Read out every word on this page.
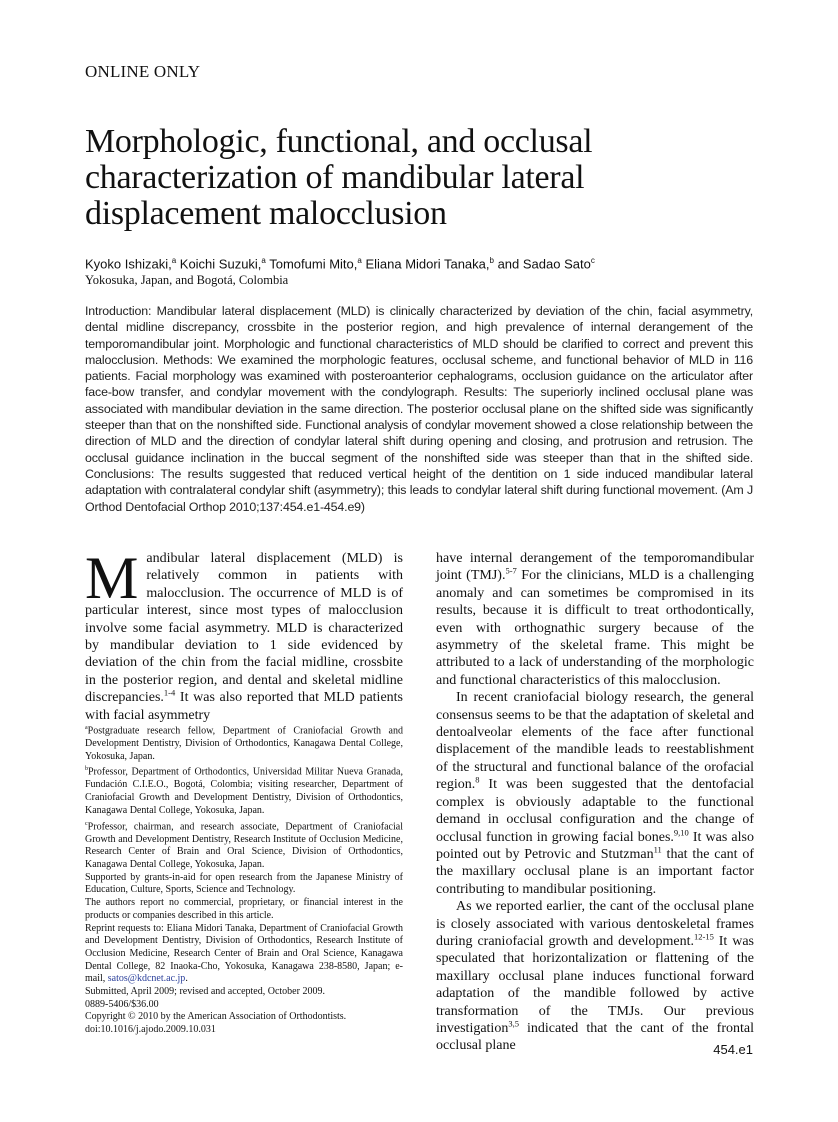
ONLINE ONLY
Morphologic, functional, and occlusal characterization of mandibular lateral displacement malocclusion
Kyoko Ishizaki,$^a$ Koichi Suzuki,$^a$ Tomofumi Mito,$^a$ Eliana Midori Tanaka,$^b$ and Sadao Sato$^c$
Yokosuka, Japan, and Bogotá, Colombia
Introduction: Mandibular lateral displacement (MLD) is clinically characterized by deviation of the chin, facial asymmetry, dental midline discrepancy, crossbite in the posterior region, and high prevalence of internal derangement of the temporomandibular joint. Morphologic and functional characteristics of MLD should be clarified to correct and prevent this malocclusion. Methods: We examined the morphologic features, occlusal scheme, and functional behavior of MLD in 116 patients. Facial morphology was examined with posteroanterior cephalograms, occlusion guidance on the articulator after face-bow transfer, and condylar movement with the condylograph. Results: The superiorly inclined occlusal plane was associated with mandibular deviation in the same direction. The posterior occlusal plane on the shifted side was significantly steeper than that on the nonshifted side. Functional analysis of condylar movement showed a close relationship between the direction of MLD and the direction of condylar lateral shift during opening and closing, and protrusion and retrusion. The occlusal guidance inclination in the buccal segment of the nonshifted side was steeper than that in the shifted side. Conclusions: The results suggested that reduced vertical height of the dentition on 1 side induced mandibular lateral adaptation with contralateral condylar shift (asymmetry); this leads to condylar lateral shift during functional movement. (Am J Orthod Dentofacial Orthop 2010;137:454.e1-454.e9)
M andibular lateral displacement (MLD) is relatively common in patients with malocclusion. The occurrence of MLD is of particular interest, since most types of malocclusion involve some facial asymmetry. MLD is characterized by mandibular deviation to 1 side evidenced by deviation of the chin from the facial midline, crossbite in the posterior region, and dental and skeletal midline discrepancies.$^{1-4}$ It was also reported that MLD patients with facial asymmetry

have internal derangement of the temporomandibular joint (TMJ).$^{5-7}$ For the clinicians, MLD is a challenging anomaly and can sometimes be compromised in its results, because it is difficult to treat orthodontically, even with orthognathic surgery because of the asymmetry of the skeletal frame. This might be attributed to a lack of understanding of the morphologic and functional characteristics of this malocclusion.

In recent craniofacial biology research, the general consensus seems to be that the adaptation of skeletal and dentoalveolar elements of the face after functional displacement of the mandible leads to reestablishment of the structural and functional balance of the orofacial region.$^8$ It was been suggested that the dentofacial complex is obviously adaptable to the functional demand in occlusal configuration and the change of occlusal function in growing facial bones.$^{9,10}$ It was also pointed out by Petrovic and Stutzman$^{11}$ that the cant of the maxillary occlusal plane is an important factor contributing to mandibular positioning.

As we reported earlier, the cant of the occlusal plane is closely associated with various dentoskeletal frames during craniofacial growth and development.$^{12-15}$ It was speculated that horizontalization or flattening of the maxillary occlusal plane induces functional forward adaptation of the mandible followed by active transformation of the TMJs. Our previous investigation$^{3,5}$ indicated that the cant of the frontal occlusal plane

$^a$Postgraduate research fellow, Department of Craniofacial Growth and Development Dentistry, Division of Orthodontics, Kanagawa Dental College, Yokosuka, Japan.

$^b$Professor, Department of Orthodontics, Universidad Militar Nueva Granada, Fundación C.I.E.O., Bogotá, Colombia; visiting researcher, Department of Craniofacial Growth and Development Dentistry, Division of Orthodontics, Kanagawa Dental College, Yokosuka, Japan.

$^c$Professor, chairman, and research associate, Department of Craniofacial Growth and Development Dentistry, Research Institute of Occlusion Medicine, Research Center of Brain and Oral Science, Division of Orthodontics, Kanagawa Dental College, Yokosuka, Japan.

Supported by grants-in-aid for open research from the Japanese Ministry of Education, Culture, Sports, Science and Technology.

The authors report no commercial, proprietary, or financial interest in the products or companies described in this article.

Reprint requests to: Eliana Midori Tanaka, Department of Craniofacial Growth and Development Dentistry, Division of Orthodontics, Research Institute of Occlusion Medicine, Research Center of Brain and Oral Science, Kanagawa Dental College, 82 Inaoka-Cho, Yokosuka, Kanagawa 238-8580, Japan; e-mail, satos@kdcnet.ac.jp.

Submitted, April 2009; revised and accepted, October 2009.

0889-5406/$36.00

Copyright © 2010 by the American Association of Orthodontists.

doi:10.1016/j.ajodo.2009.10.031

454.e1
